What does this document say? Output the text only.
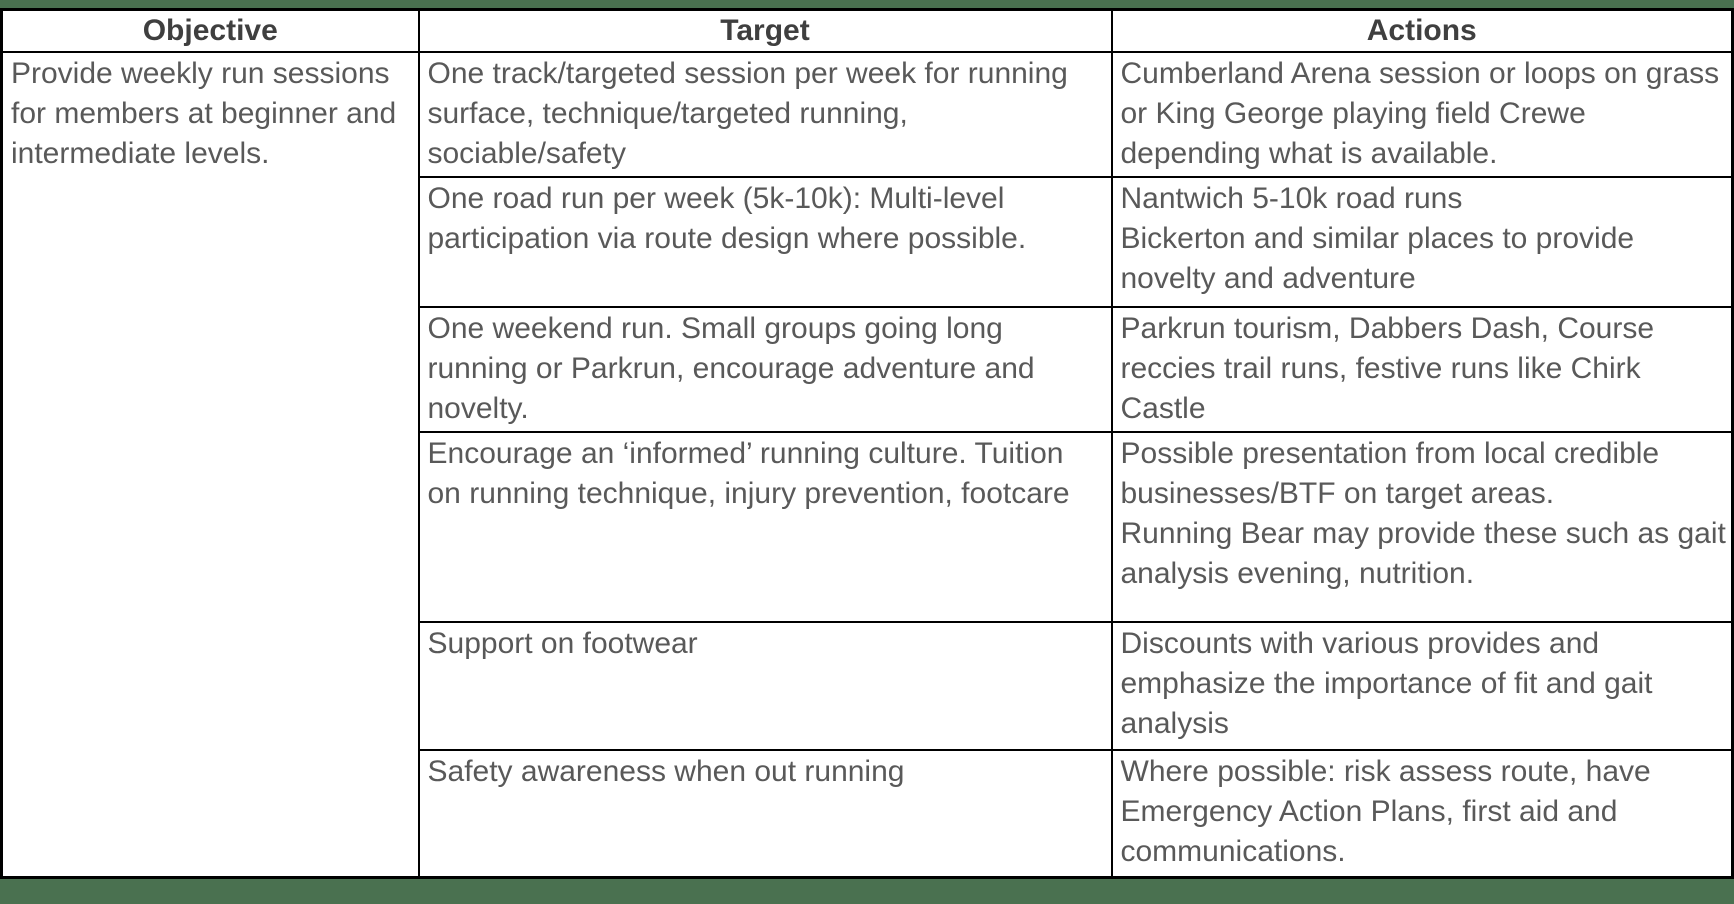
Objective	Target	Actions
Provide weekly run sessions for members at beginner and intermediate levels.	One track/targeted session per week for running surface, technique/targeted running, sociable/safety	Cumberland Arena session or loops on grass or King George playing field Crewe depending what is available.

	One road run per week (5k-10k): Multi-level participation via route design where possible.	Nantwich 5-10k road runs
Bickerton and similar places to provide novelty and adventure

	One weekend run. Small groups going long running or Parkrun, encourage adventure and novelty.	Parkrun tourism, Dabbers Dash, Course reccies trail runs, festive runs like Chirk Castle

	Encourage an ‘informed’ running culture. Tuition on running technique, injury prevention, footcare	Possible presentation from local credible businesses/BTF on target areas.
Running Bear may provide these such as gait analysis evening, nutrition.

	Support on footwear	Discounts with various provides and emphasize the importance of fit and gait analysis

	Safety awareness when out running	Where possible: risk assess route, have Emergency Action Plans, first aid and communications.
